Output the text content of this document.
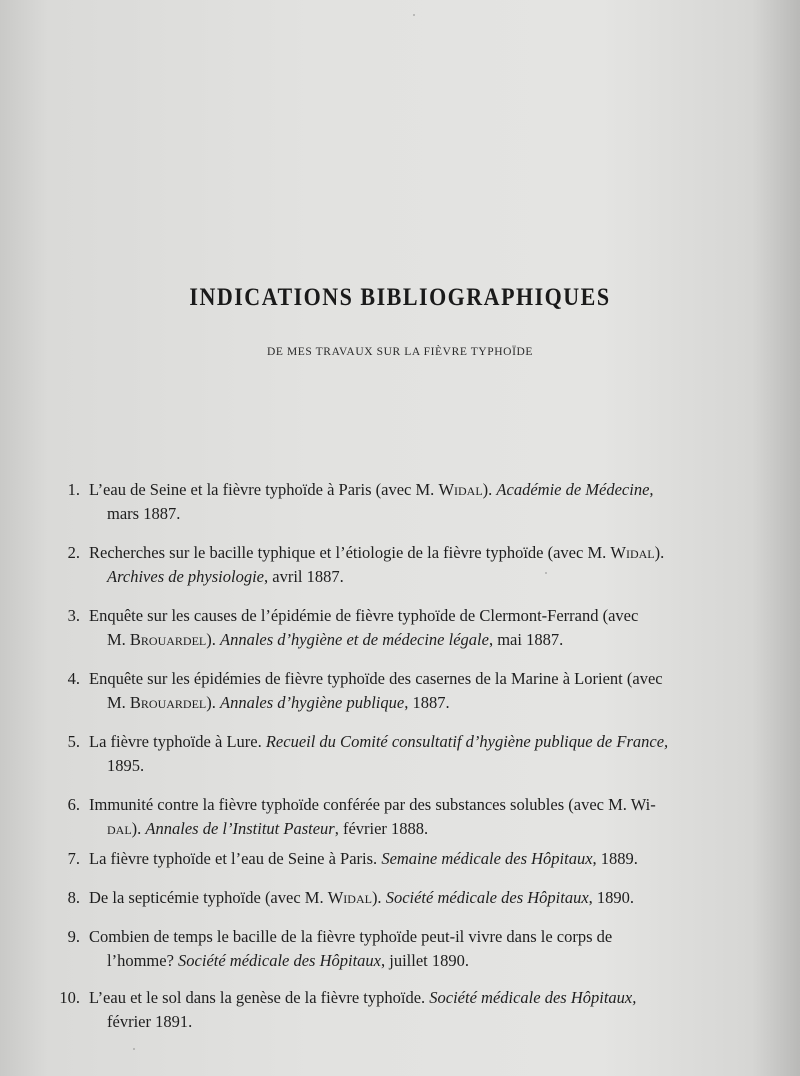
INDICATIONS BIBLIOGRAPHIQUES
DE MES TRAVAUX SUR LA FIÈVRE TYPHOÏDE
1. L’eau de Seine et la fièvre typhoïde à Paris (avec M. Widal). Académie de Médecine,
mars 1887.
2. Recherches sur le bacille typhique et l’étiologie de la fièvre typhoïde (avec M. Widal).
Archives de physiologie, avril 1887.
3. Enquête sur les causes de l’épidémie de fièvre typhoïde de Clermont-Ferrand (avec
M. Brouardel). Annales d’hygiène et de médecine légale, mai 1887.
4. Enquête sur les épidémies de fièvre typhoïde des casernes de la Marine à Lorient (avec
M. Brouardel). Annales d’hygiène publique, 1887.
5. La fièvre typhoïde à Lure. Recueil du Comité consultatif d’hygiène publique de France,
1895.
6. Immunité contre la fièvre typhoïde conférée par des substances solubles (avec M. Wi-
dal). Annales de l’Institut Pasteur, février 1888.
7. La fièvre typhoïde et l’eau de Seine à Paris. Semaine médicale des Hôpitaux, 1889.
8. De la septicémie typhoïde (avec M. Widal). Société médicale des Hôpitaux, 1890.
9. Combien de temps le bacille de la fièvre typhoïde peut-il vivre dans le corps de
l’homme? Société médicale des Hôpitaux, juillet 1890.
10. L’eau et le sol dans la genèse de la fièvre typhoïde. Société médicale des Hôpitaux,
février 1891.
